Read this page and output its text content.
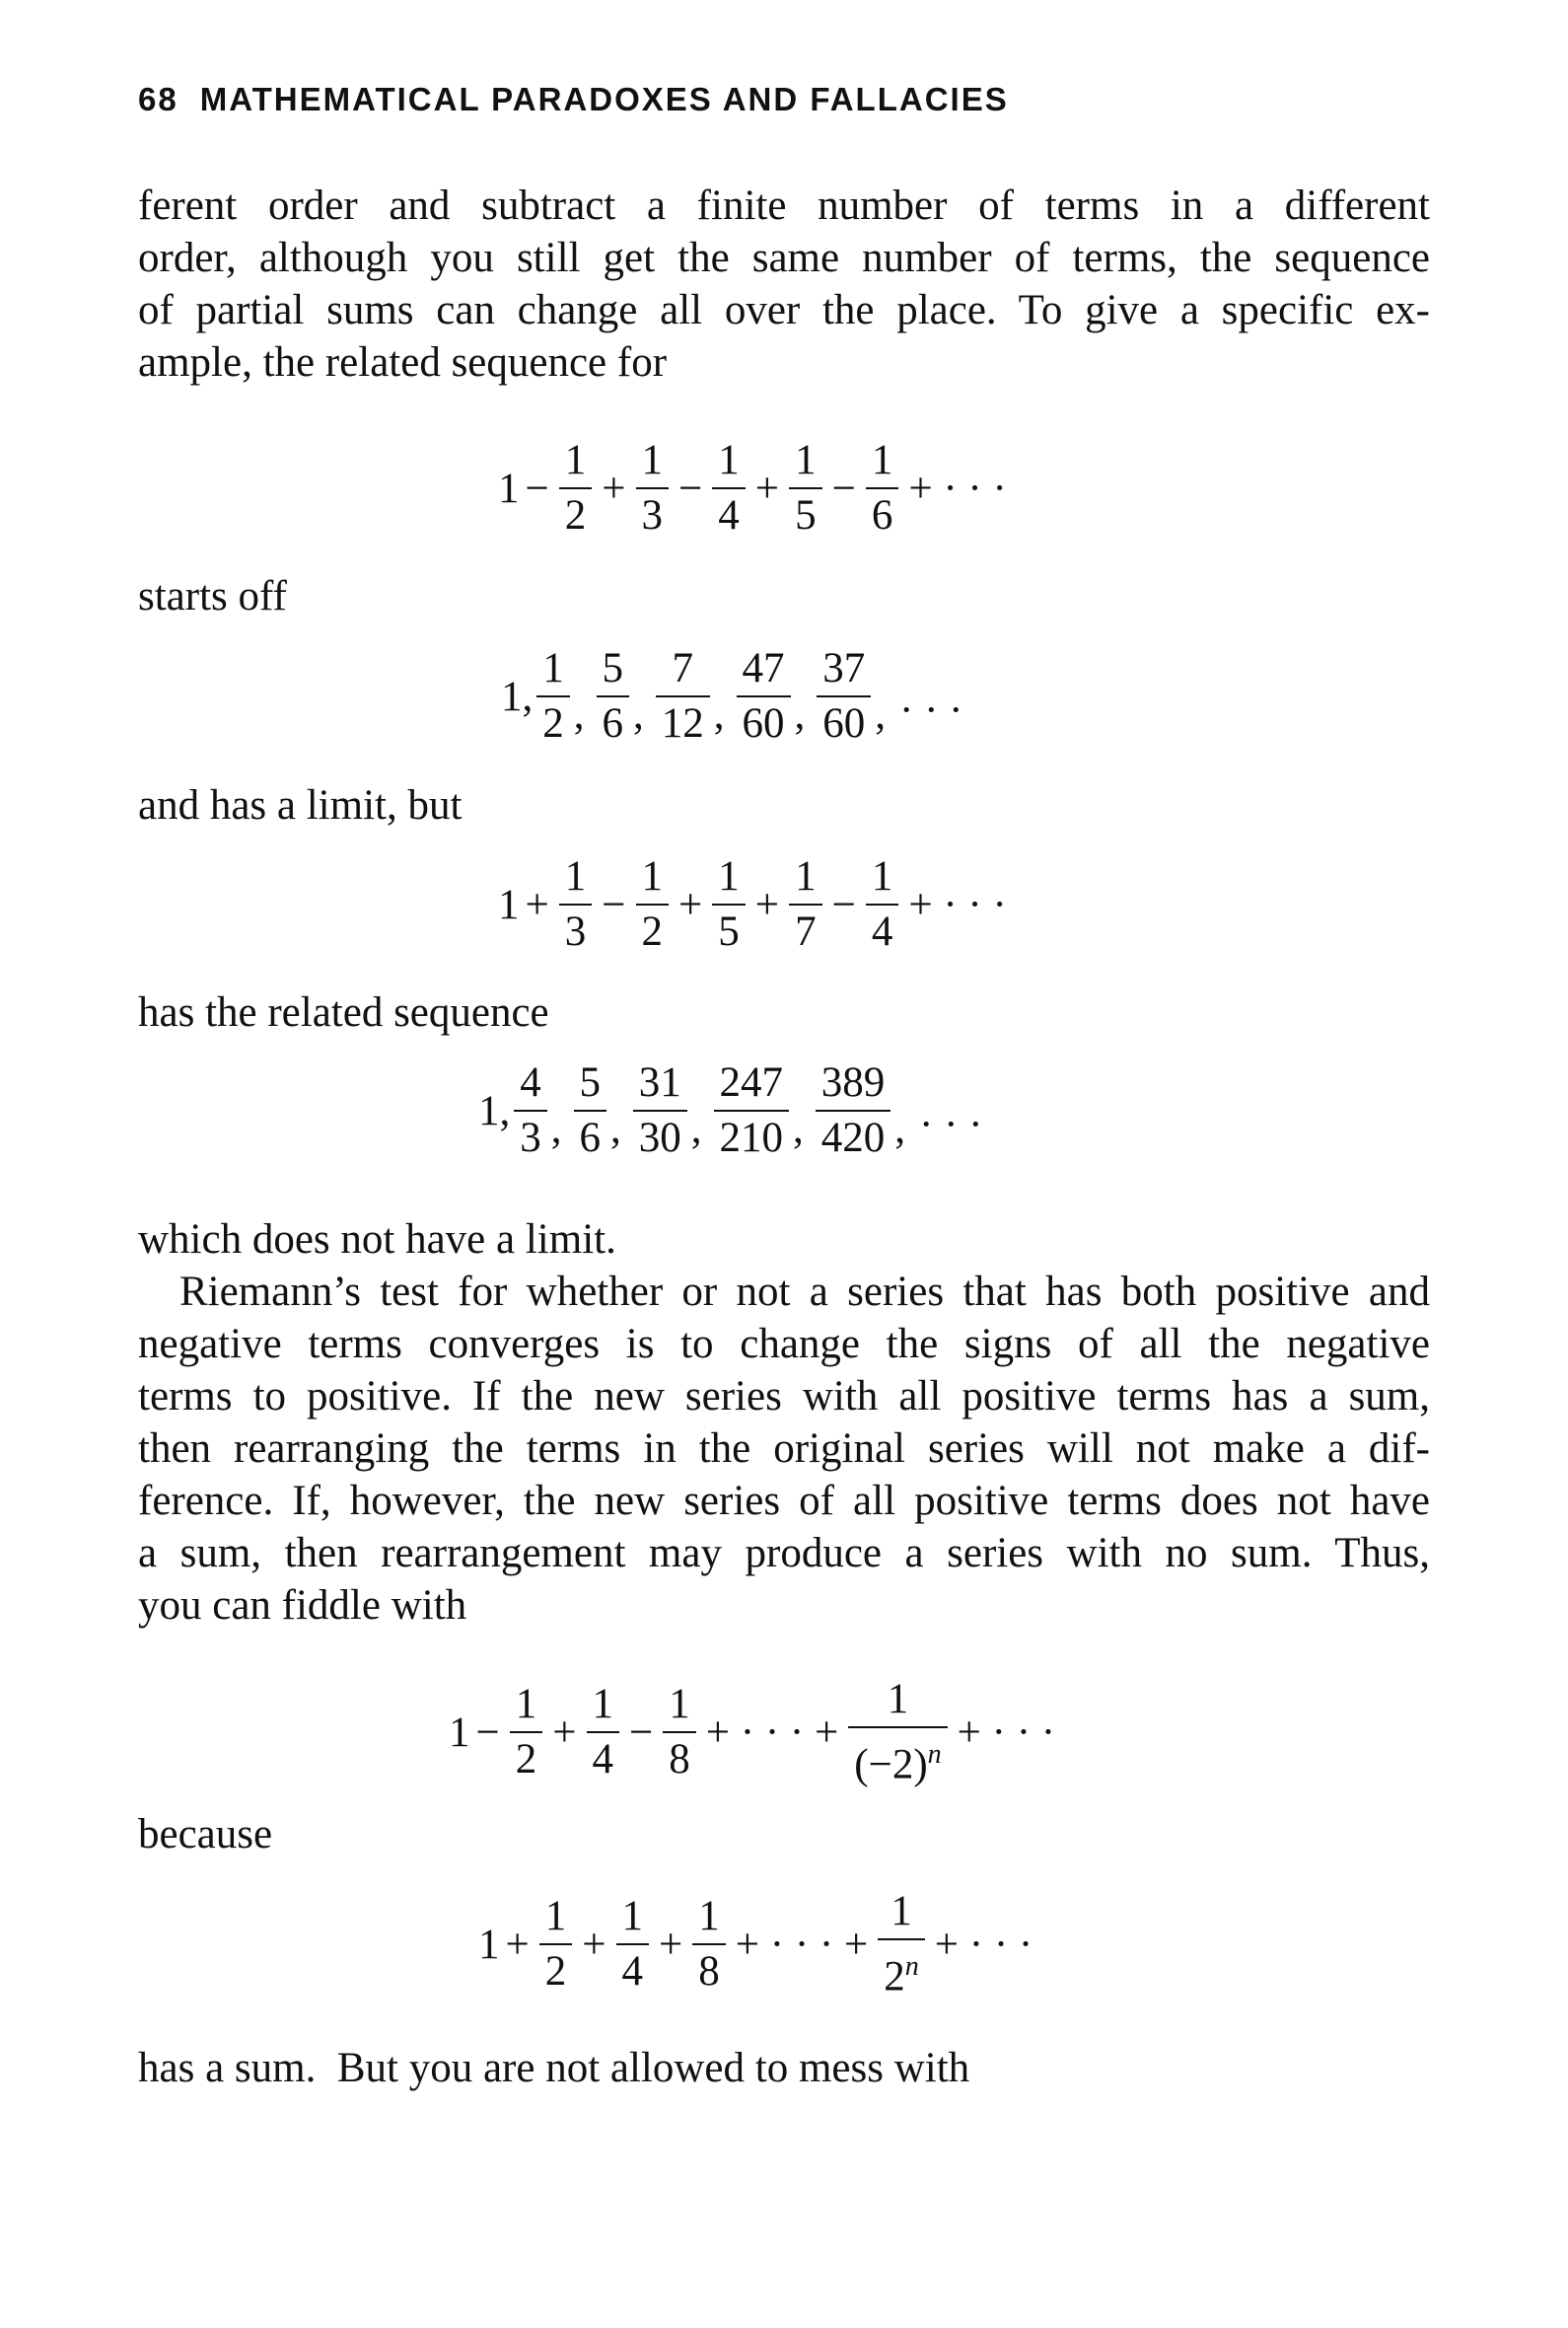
68 MATHEMATICAL PARADOXES AND FALLACIES
ferent order and subtract a finite number of terms in a different
order, although you still get the same number of terms, the sequence
of partial sums can change all over the place. To give a specific ex-
ample, the related sequence for
$1 - \frac{1}{2} + \frac{1}{3} - \frac{1}{4} + \frac{1}{5} - \frac{1}{6}$ + · · ·
starts off
1, $\frac{1}{2}$ , $\frac{5}{6}$ , $\frac{7}{12}$ , $\frac{47}{60}$ , $\frac{37}{60}$ , · · ·
and has a limit, but
$1 + \frac{1}{3} - \frac{1}{2} + \frac{1}{5} + \frac{1}{7} - \frac{1}{4}$ + · · ·
has the related sequence
1, $\frac{4}{3}$ , $\frac{5}{6}$ , $\frac{31}{30}$ , $\frac{247}{210}$ , $\frac{389}{420}$ , · · ·
which does not have a limit.
Riemann’s test for whether or not a series that has both positive and
negative terms converges is to change the signs of all the negative
terms to positive. If the new series with all positive terms has a sum,
then rearranging the terms in the original series will not make a dif-
ference. If, however, the new series of all positive terms does not have
a sum, then rearrangement may produce a series with no sum. Thus,
you can fiddle with
$1 - \frac{1}{2} + \frac{1}{4} - \frac{1}{8}$ + · · · + $\frac{1}{(-2)^n}$ + · · ·
because
$1 + \frac{1}{2} + \frac{1}{4} + \frac{1}{8}$ + · · · + $\frac{1}{2^n}$ + · · ·
has a sum.  But you are not allowed to mess with
